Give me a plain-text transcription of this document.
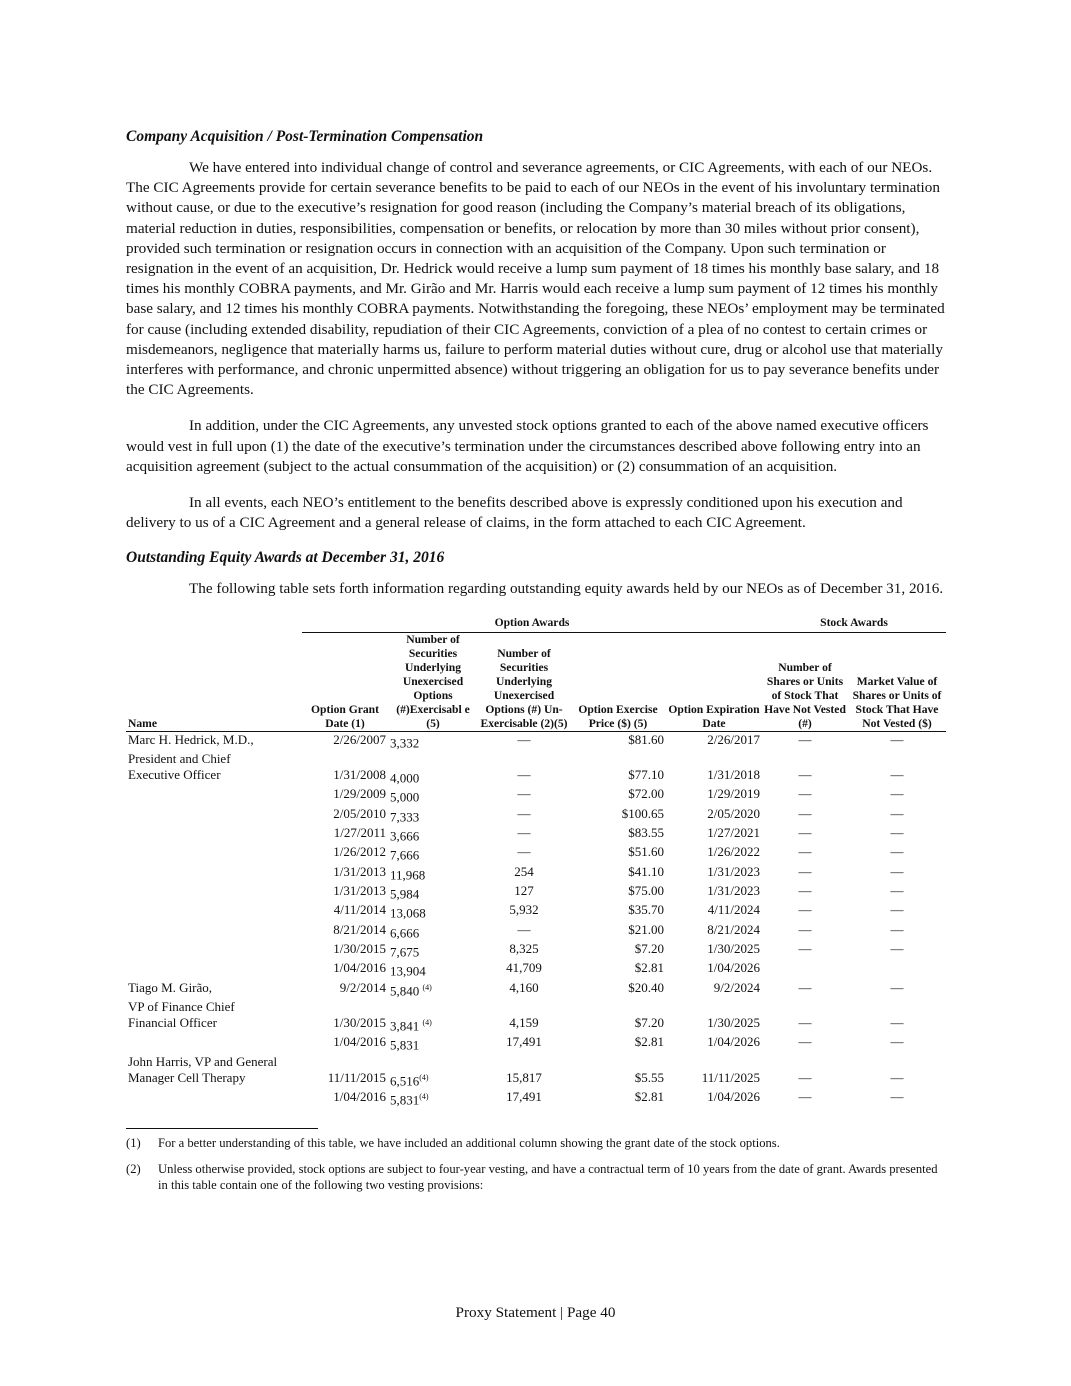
Company Acquisition / Post-Termination Compensation

We have entered into individual change of control and severance agreements, or CIC Agreements, with each of our NEOs. The CIC Agreements provide for certain severance benefits to be paid to each of our NEOs in the event of his involuntary termination without cause, or due to the executive’s resignation for good reason (including the Company’s material breach of its obligations, material reduction in duties, responsibilities, compensation or benefits, or relocation by more than 30 miles without prior consent), provided such termination or resignation occurs in connection with an acquisition of the Company. Upon such termination or resignation in the event of an acquisition, Dr. Hedrick would receive a lump sum payment of 18 times his monthly base salary, and 18 times his monthly COBRA payments, and Mr. Girão and Mr. Harris would each receive a lump sum payment of 12 times his monthly base salary, and 12 times his monthly COBRA payments. Notwithstanding the foregoing, these NEOs’ employment may be terminated for cause (including extended disability, repudiation of their CIC Agreements, conviction of a plea of no contest to certain crimes or misdemeanors, negligence that materially harms us, failure to perform material duties without cure, drug or alcohol use that materially interferes with performance, and chronic unpermitted absence) without triggering an obligation for us to pay severance benefits under the CIC Agreements.

In addition, under the CIC Agreements, any unvested stock options granted to each of the above named executive officers would vest in full upon (1) the date of the executive’s termination under the circumstances described above following entry into an acquisition agreement (subject to the actual consummation of the acquisition) or (2) consummation of an acquisition.

In all events, each NEO’s entitlement to the benefits described above is expressly conditioned upon his execution and delivery to us of a CIC Agreement and a general release of claims, in the form attached to each CIC Agreement.

Outstanding Equity Awards at December 31, 2016

The following table sets forth information regarding outstanding equity awards held by our NEOs as of December 31, 2016.

	Option Awards					Stock Awards	
Name	Option Grant Date (1)	Number of Securities Underlying Unexercised Options (#)Exercisabl e (5)	Number of Securities Underlying Unexercised Options (#) Un- Exercisable (2)(5)	Option Exercise Price ($) (5)	Option Expiration Date	Number of Shares or Units of Stock That Have Not Vested (#)	Market Value of Shares or Units of Stock That Have Not Vested ($)
Marc H. Hedrick, M.D.,	2/26/2007	3,332	—	$81.60	2/26/2017	—	—
President and Chief							
Executive Officer	1/31/2008	4,000	—	$77.10	1/31/2018	—	—
	1/29/2009	5,000	—	$72.00	1/29/2019	—	—
	2/05/2010	7,333	—	$100.65	2/05/2020	—	—
	1/27/2011	3,666	—	$83.55	1/27/2021	—	—
	1/26/2012	7,666	—	$51.60	1/26/2022	—	—
	1/31/2013	11,968	254	$41.10	1/31/2023	—	—
	1/31/2013	5,984	127	$75.00	1/31/2023	—	—
	4/11/2014	13,068	5,932	$35.70	4/11/2024	—	—
	8/21/2014	6,666	—	$21.00	8/21/2024	—	—
	1/30/2015	7,675	8,325	$7.20	1/30/2025	—	—
	1/04/2016	13,904	41,709	$2.81	1/04/2026		
Tiago M. Girão,	9/2/2014	5,840 $^{(4)}$	4,160	$20.40	9/2/2024	—	—
VP of Finance Chief							
Financial Officer	1/30/2015	3,841 $^{(4)}$	4,159	$7.20	1/30/2025	—	—
	1/04/2016	5,831	17,491	$2.81	1/04/2026	—	—
John Harris, VP and General							
Manager Cell Therapy	11/11/2015	6,516$^{(4)}$	15,817	$5.55	11/11/2025	—	—
	1/04/2016	5,831$^{(4)}$	17,491	$2.81	1/04/2026	—	—
(1)	For a better understanding of this table, we have included an additional column showing the grant date of the stock options.
(2)	Unless otherwise provided, stock options are subject to four-year vesting, and have a contractual term of 10 years from the date of grant. Awards presented in this table contain one of the following two vesting provisions:
Proxy Statement | Page 40
